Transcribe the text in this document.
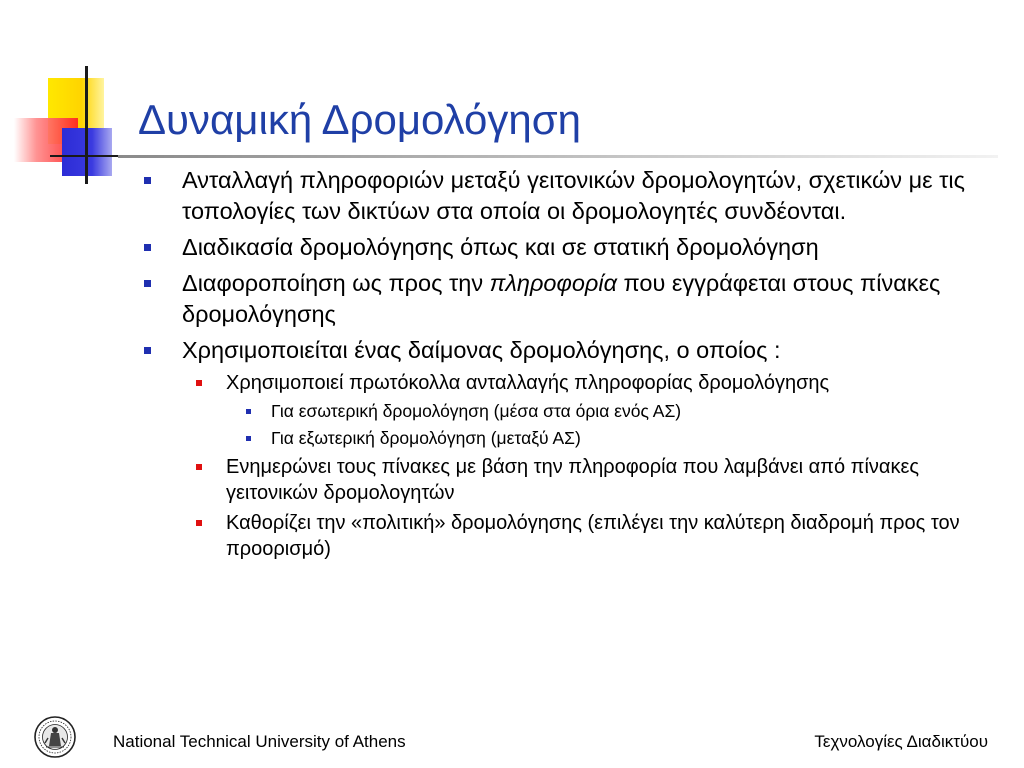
Δυναμική Δρομολόγηση
Ανταλλαγή πληροφοριών μεταξύ γειτονικών δρομολογητών, σχετικών με τις τοπολογίες των δικτύων στα οποία οι δρομολογητές συνδέονται.
Διαδικασία δρομολόγησης όπως και σε στατική δρομολόγηση
Διαφοροποίηση ως προς την πληροφορία που εγγράφεται στους πίνακες δρομολόγησης
Χρησιμοποιείται ένας δαίμονας δρομολόγησης, ο οποίος :
Χρησιμοποιεί πρωτόκολλα ανταλλαγής πληροφορίας δρομολόγησης
Για εσωτερική δρομολόγηση (μέσα στα όρια ενός ΑΣ)
Για εξωτερική δρομολόγηση (μεταξύ ΑΣ)
Ενημερώνει τους πίνακες με βάση την πληροφορία που λαμβάνει από πίνακες γειτονικών δρομολογητών
Καθορίζει την «πολιτική» δρομολόγησης (επιλέγει την καλύτερη διαδρομή προς τον προορισμό)
National Technical University of Athens	Τεχνολογίες Διαδικτύου
